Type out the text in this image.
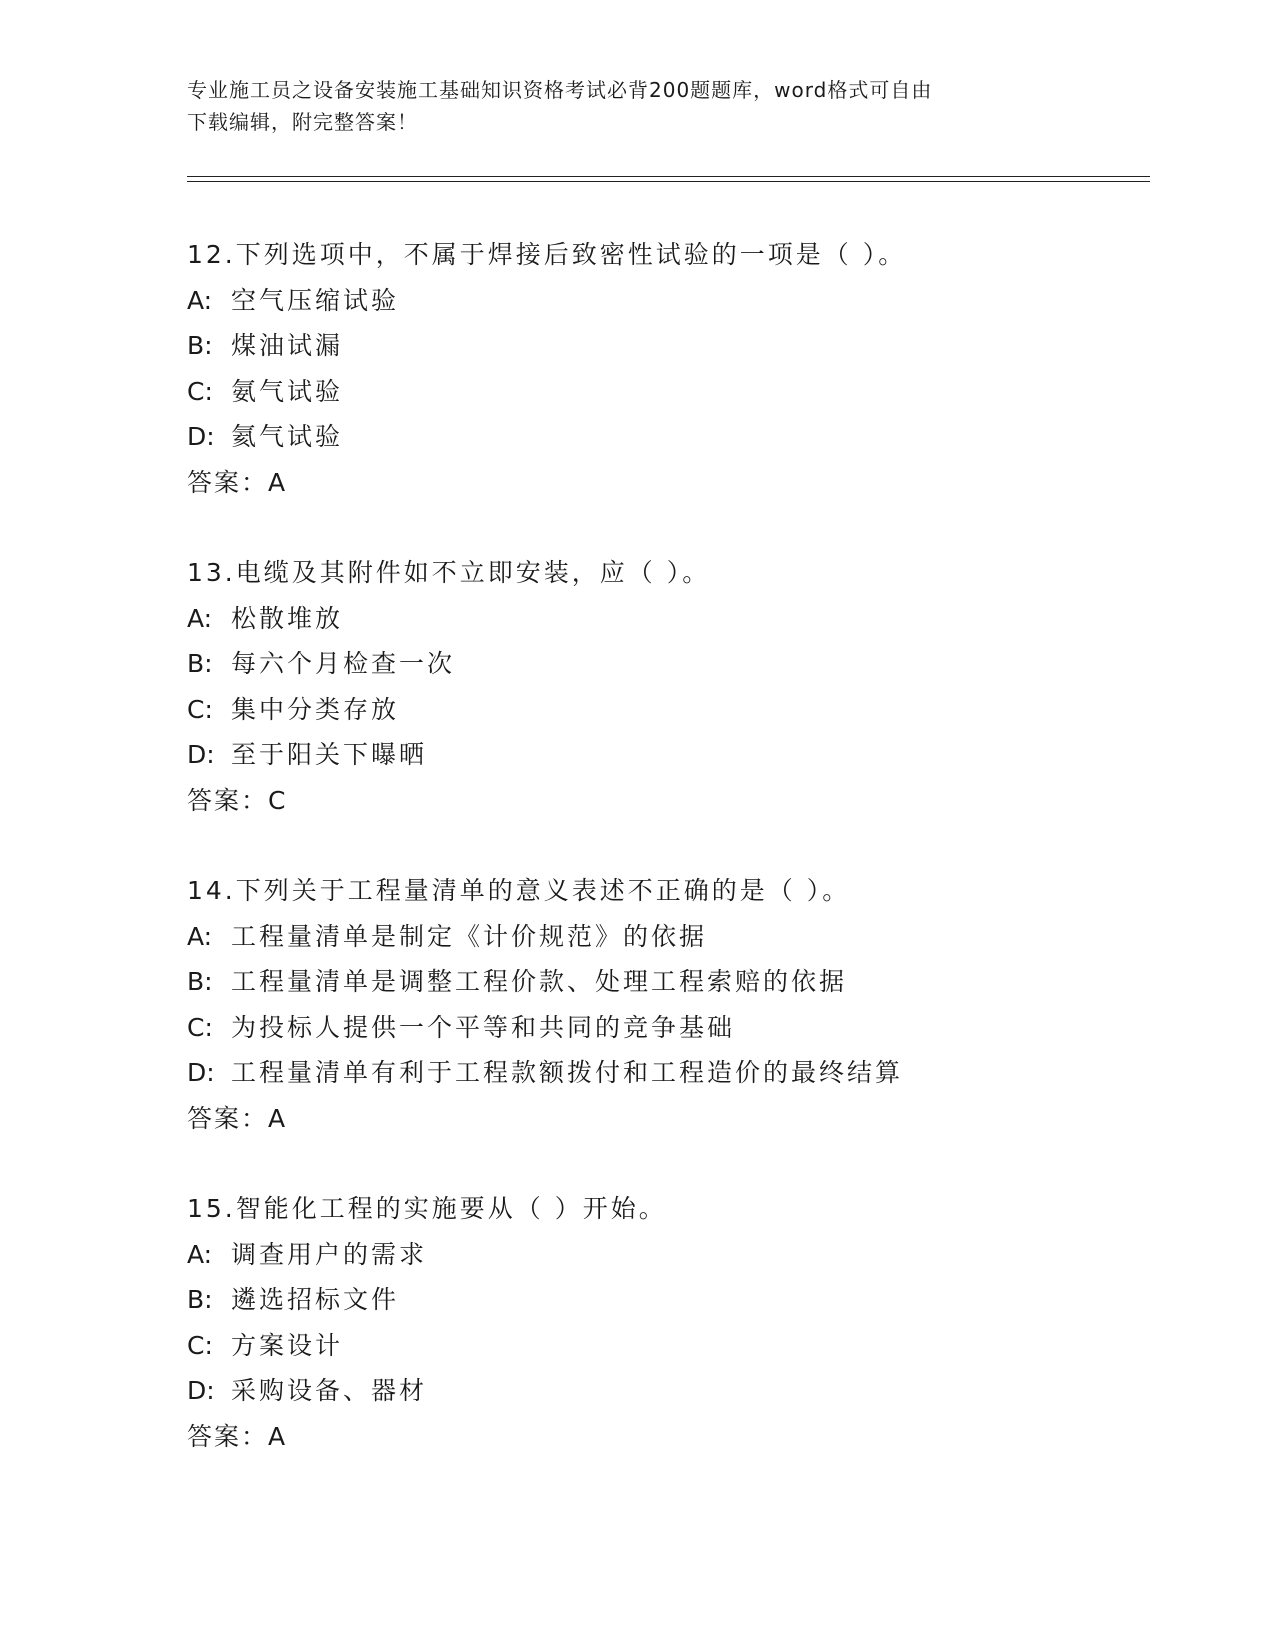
专业施工员之设备安装施工基础知识资格考试必背200题题库，word格式可自由
下载编辑，附完整答案！
12.下列选项中，不属于焊接后致密性试验的一项是（ ）。
A: 空气压缩试验
B: 煤油试漏
C: 氨气试验
D: 氦气试验
答案：A
13.电缆及其附件如不立即安装，应（ ）。
A: 松散堆放
B: 每六个月检查一次
C: 集中分类存放
D: 至于阳关下曝晒
答案：C
14.下列关于工程量清单的意义表述不正确的是（ ）。
A: 工程量清单是制定《计价规范》的依据
B: 工程量清单是调整工程价款、处理工程索赔的依据
C: 为投标人提供一个平等和共同的竞争基础
D: 工程量清单有利于工程款额拨付和工程造价的最终结算
答案：A
15.智能化工程的实施要从（ ）开始。
A: 调查用户的需求
B: 遴选招标文件
C: 方案设计
D: 采购设备、器材
答案：A
